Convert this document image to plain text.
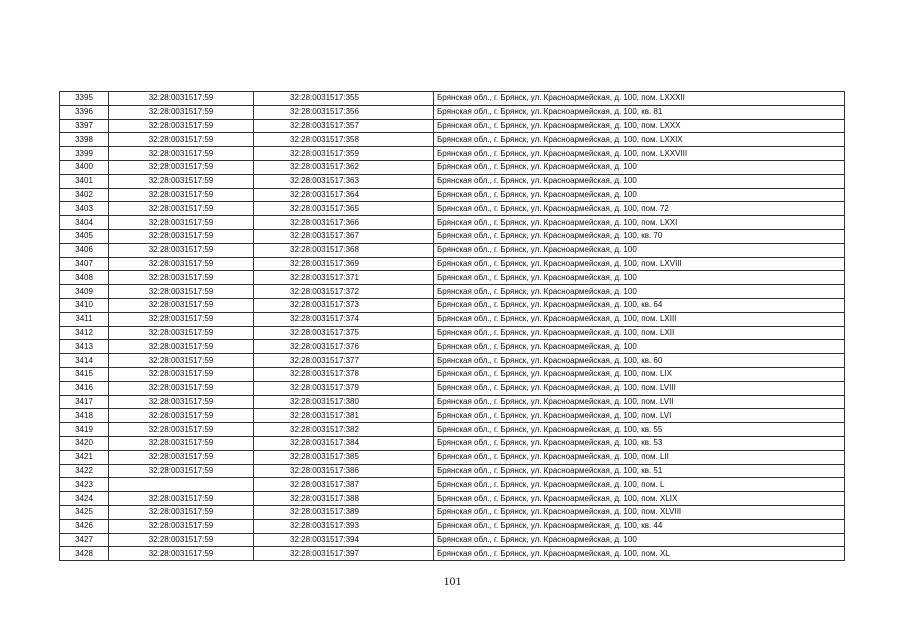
3395	32:28:0031517:59	32:28:0031517:355	Брянская обл., г. Брянск, ул. Красноармейская, д. 100, пом. LXXXII
3396	32:28:0031517:59	32:28:0031517:356	Брянская обл., г. Брянск, ул. Красноармейская, д. 100, кв. 81
3397	32:28:0031517:59	32:28:0031517:357	Брянская обл., г. Брянск, ул. Красноармейская, д. 100, пом. LXXX
3398	32:28:0031517:59	32:28:0031517:358	Брянская обл., г. Брянск, ул. Красноармейская, д. 100, пом. LXXIX
3399	32:28:0031517:59	32:28:0031517:359	Брянская обл., г. Брянск, ул. Красноармейская, д. 100, пом. LXXVIII
3400	32:28:0031517:59	32:28:0031517:362	Брянская обл., г. Брянск, ул. Красноармейская, д. 100
3401	32:28:0031517:59	32:28:0031517:363	Брянская обл., г. Брянск, ул. Красноармейская, д. 100
3402	32:28:0031517:59	32:28:0031517:364	Брянская обл., г. Брянск, ул. Красноармейская, д. 100
3403	32:28:0031517:59	32:28:0031517:365	Брянская обл., г. Брянск, ул. Красноармейская, д. 100, пом. 72
3404	32:28:0031517:59	32:28:0031517:366	Брянская обл., г. Брянск, ул. Красноармейская, д. 100, пом. LXXI
3405	32:28:0031517:59	32:28:0031517:367	Брянская обл., г. Брянск, ул. Красноармейская, д. 100, кв. 70
3406	32:28:0031517:59	32:28:0031517:368	Брянская обл., г. Брянск, ул. Красноармейская, д. 100
3407	32:28:0031517:59	32:28:0031517:369	Брянская обл., г. Брянск, ул. Красноармейская, д. 100, пом. LXVIII
3408	32:28:0031517:59	32:28:0031517:371	Брянская обл., г. Брянск, ул. Красноармейская, д. 100
3409	32:28:0031517:59	32:28:0031517:372	Брянская обл., г. Брянск, ул. Красноармейская, д. 100
3410	32:28:0031517:59	32:28:0031517:373	Брянская обл., г. Брянск, ул. Красноармейская, д. 100, кв. 64
3411	32:28:0031517:59	32:28:0031517:374	Брянская обл., г. Брянск, ул. Красноармейская, д. 100, пом. LXIII
3412	32:28:0031517:59	32:28:0031517:375	Брянская обл., г. Брянск, ул. Красноармейская, д. 100, пом. LXII
3413	32:28:0031517:59	32:28:0031517:376	Брянская обл., г. Брянск, ул. Красноармейская, д. 100
3414	32:28:0031517:59	32:28:0031517:377	Брянская обл., г. Брянск, ул. Красноармейская, д. 100, кв. 60
3415	32:28:0031517:59	32:28:0031517:378	Брянская обл., г. Брянск, ул. Красноармейская, д. 100, пом. LIX
3416	32:28:0031517:59	32:28:0031517:379	Брянская обл., г. Брянск, ул. Красноармейская, д. 100, пом. LVIII
3417	32:28:0031517:59	32:28:0031517:380	Брянская обл., г. Брянск, ул. Красноармейская, д. 100, пом. LVII
3418	32:28:0031517:59	32:28:0031517:381	Брянская обл., г. Брянск, ул. Красноармейская, д. 100, пом. LVI
3419	32:28:0031517:59	32:28:0031517:382	Брянская обл., г. Брянск, ул. Красноармейская, д. 100, кв. 55
3420	32:28:0031517:59	32:28:0031517:384	Брянская обл., г. Брянск, ул. Красноармейская, д. 100, кв. 53
3421	32:28:0031517:59	32:28:0031517:385	Брянская обл., г. Брянск, ул. Красноармейская, д. 100, пом. LII
3422	32:28:0031517:59	32:28:0031517:386	Брянская обл., г. Брянск, ул. Красноармейская, д. 100, кв. 51
3423		32:28:0031517:387	Брянская обл., г. Брянск, ул. Красноармейская, д. 100, пом. L
3424	32:28:0031517:59	32:28:0031517:388	Брянская обл., г. Брянск, ул. Красноармейская, д. 100, пом. XLIX
3425	32:28:0031517:59	32:28:0031517:389	Брянская обл., г. Брянск, ул. Красноармейская, д. 100, пом. XLVIII
3426	32:28:0031517:59	32:28:0031517:393	Брянская обл., г. Брянск, ул. Красноармейская, д. 100, кв. 44
3427	32:28:0031517:59	32:28:0031517:394	Брянская обл., г. Брянск, ул. Красноармейская, д. 100
3428	32:28:0031517:59	32:28:0031517:397	Брянская обл., г. Брянск, ул. Красноармейская, д. 100, пом. XL
101
